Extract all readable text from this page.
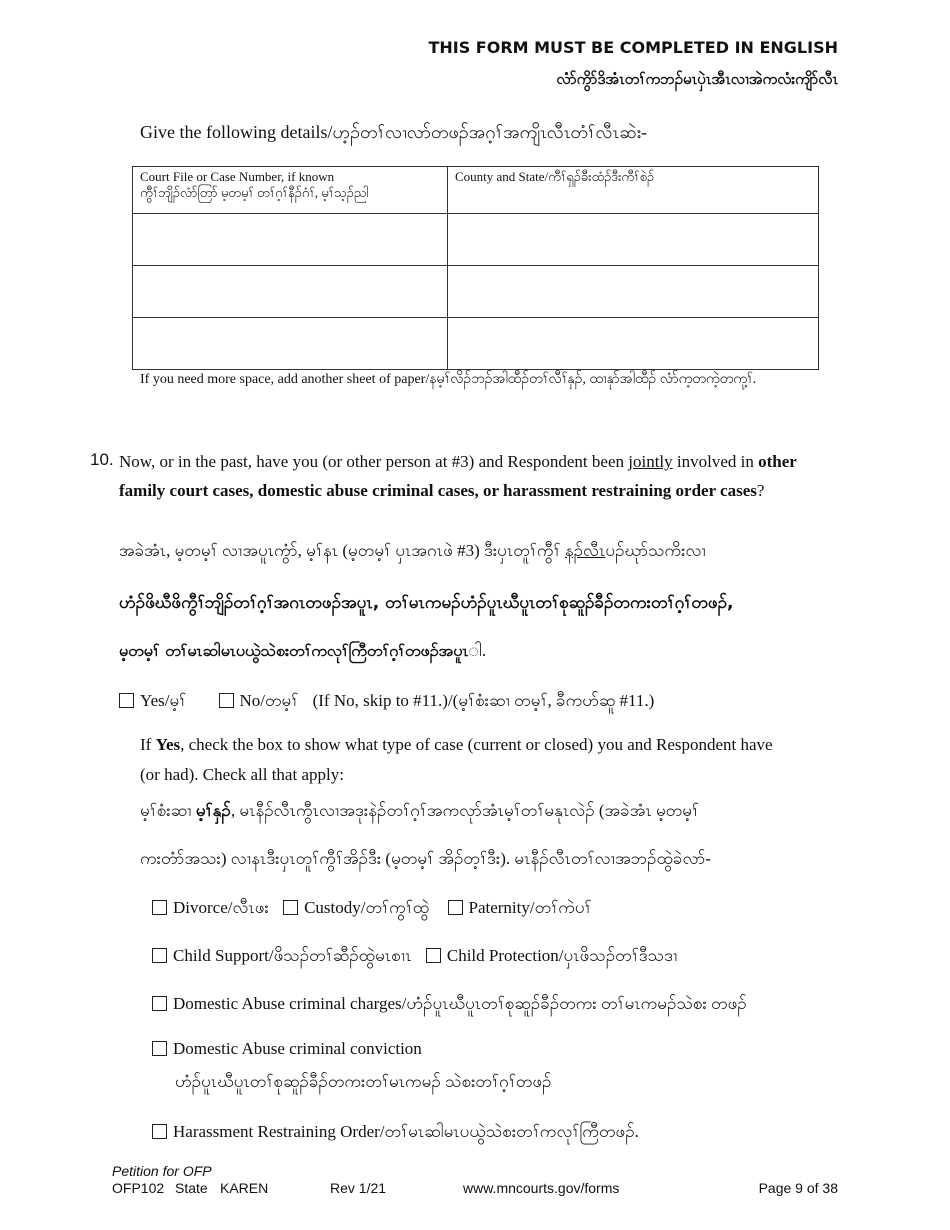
THIS FORM MUST BE COMPLETED IN ENGLISH
လံာ်ကွိာ်ဒိအံၤတၢ်ကဘၣ်မၤပှဲၤအီၤလၢအဲကလံးကျိာ်လီၤ
Give the following details/ဟ့ၣ်တၢ်လၢလာ်တဖၣ်အဂ့ၢ်အကျိၤလီၤတံၢ်လီၤဆဲး-
Court File or Case Number, if known
ကွီၢ်ဘျိၣ်လံာ်တြာ် မ့တမ့ၢ် တၢ်ဂ့ၢ်နီၣ်ဂံၢ်, မ့ၢ်သ့ၣ်ညါ	County and State/ကီၢ်ရှၣ်ခီးထံၣ်ဒီးကီၢ်စဲၣ်

If you need more space, add another sheet of paper/နမ့ၢ်လိၣ်ဘၣ်အါထီၣ်တၢ်လီၢ်နှၣ်, ထၢနုာ်အါထီၣ် လံာ်က့တကဲ့တကု့ၢ်.
10. Now, or in the past, have you (or other person at #3) and Respondent been jointly involved in other family court cases, domestic abuse criminal cases, or harassment restraining order cases?
အခဲအံၤ, မ့တမ့ၢ် လၢအပူၤကွံာ်, မ့ၢ်နၤ (မ့တမ့ၢ် ပှၤအဂၤဖဲ #3) ဒီးပှၤတူၢ်ကွီၢ် နၣ်လီၤပၣ်ဃုာ်သကိးလၢ
ဟံၣ်ဖိဃီဖိကွီၢ်ဘျိၣ်တၢ်ဂ့ၢ်အဂၤတဖၣ်အပူၤ, တၢ်မၤကမၣ်ဟံၣ်ပူၤဃီပူၤတၢ်စုဆူၣ်ခီၣ်တကးတၢ်ဂ့ၢ်တဖၣ်,
မ့တမ့ၢ် တၢ်မၤဆါမၤပယွဲသဲစးတၢ်ကလုၢ်ကြီတၢ်ဂ့ၢ်တဖၣ်အပူၤါ.
Yes/မ့ၢ်	No/တမ့ၢ် (If No, skip to #11.)/(မ့ၢ်စံးဆၢ တမ့ၢ်, ခီကဟ်ဆူ #11.)
If Yes, check the box to show what type of case (current or closed) you and Respondent have
(or had). Check all that apply:
မ့ၢ်စံးဆၢ မ့ၢ်နှၣ်, မၤနီၣ်လီၤကွီၤလၢအဒုးနဲၣ်တၢ်ဂ့ၢ်အကလုာ်အံၤမ့ၢ်တၢ်မနုၤလဲၣ် (အခဲအံၤ မ့တမ့ၢ်
ကးတံာ်အသး) လၢနၤဒီးပှၤတူၢ်ကွီၢ်အိၣ်ဒီး (မ့တမ့ၢ် အိၣ်တ့ၢ်ဒီး). မၤနီၣ်လီၤတၢ်လၢအဘၣ်ထွဲခဲလာ်-
Divorce/လီၤဖး Custody/တၢ်ကွၢ်ထွဲ Paternity/တၢ်ကဲပၢ်
Child Support/ဖိသၣ်တၢ်ဆီၣ်ထွဲမၤစၢၤ Child Protection/ပှၤဖိသၣ်တၢ်ဒီသဒၢ
Domestic Abuse criminal charges/ဟံၣ်ပူၤဃီပူၤတၢ်စုဆူၣ်ခီၣ်တကး တၢ်မၤကမၣ်သဲစး တဖၣ်
Domestic Abuse criminal conviction
ဟံၣ်ပူၤဃီပူၤတၢ်စုဆူၣ်ခီၣ်တကးတၢ်မၤကမၣ် သဲစးတၢ်ဂ့ၢ်တဖၣ်
Harassment Restraining Order/တၢ်မၤဆါမၤပယွဲသဲစးတၢ်ကလုၢ်ကြီတဖၣ်.
Petition for OFP
OFP102 State KAREN	Rev 1/21	www.mncourts.gov/forms	Page 9 of 38
